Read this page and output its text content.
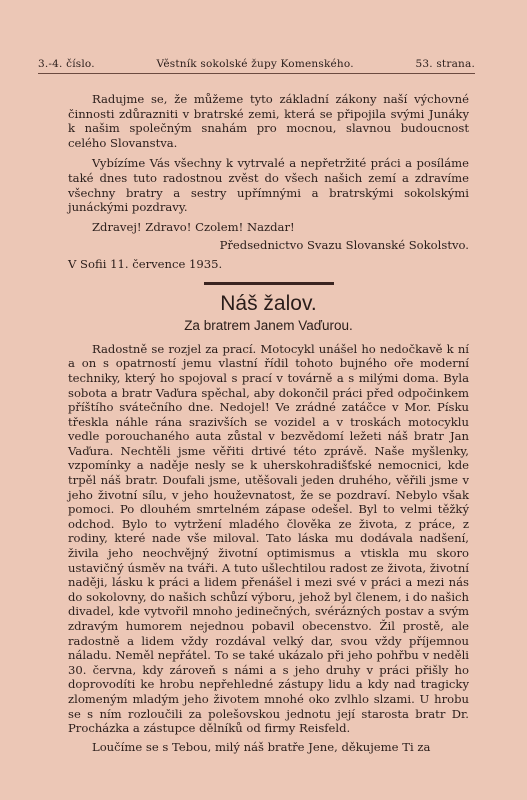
3.-4. číslo.	Věstník sokolské župy Komenského.	53. strana.

Radujme se, že můžeme tyto základní zákony naší výchovné činnosti zdůrazniti v bratrské zemi, která se připojila svými Junáky k našim společným snahám pro mocnou, slavnou budoucnost celého Slovanstva.

Vybízíme Vás všechny k vytrvalé a nepřetržité práci a posíláme také dnes tuto radostnou zvěst do všech našich zemí a zdravíme všechny bratry a sestry upřímnými a bratrskými sokolskými junáckými pozdravy.

Zdravej! Zdravo! Czolem! Nazdar!

Předsednictvo Svazu Slovanské Sokolstvo.

V Sofii 11. července 1935.

Náš žalov.
Za bratrem Janem Vaďurou.

Radostně se rozjel za prací. Motocykl unášel ho nedočkavě k ní a on s opatrností jemu vlastní řídil tohoto bujného oře moderní techniky, který ho spojoval s prací v továrně a s milými doma. Byla sobota a bratr Vaďura spěchal, aby dokončil práci před odpočinkem příštího svátečního dne. Nedojel! Ve zrádné zatáčce v Mor. Písku třeskla náhle rána srazivších se vozidel a v troskách motocyklu vedle porouchaného auta zůstal v bezvědomí ležeti náš bratr Jan Vaďura. Nechtěli jsme věřiti drtivé této zprávě. Naše myšlenky, vzpomínky a naděje nesly se k uherskohradišťské nemocnici, kde trpěl náš bratr. Doufali jsme, utěšovali jeden druhého, věřili jsme v jeho životní sílu, v jeho houževnatost, že se pozdraví. Nebylo však pomoci. Po dlouhém smrtelném zápase odešel. Byl to velmi těžký odchod. Bylo to vytržení mladého člověka ze života, z práce, z rodiny, které nade vše miloval. Tato láska mu dodávala nadšení, živila jeho neochvějný životní optimismus a vtiskla mu skoro ustavičný úsměv na tváři. A tuto ušlechtilou radost ze života, životní naději, lásku k práci a lidem přenášel i mezi své v práci a mezi nás do sokolovny, do našich schůzí výboru, jehož byl členem, i do našich divadel, kde vytvořil mnoho jedinečných, svérázných postav a svým zdravým humorem nejednou pobavil obecenstvo. Žil prostě, ale radostně a lidem vždy rozdával velký dar, svou vždy příjemnou náladu. Neměl nepřátel. To se také ukázalo při jeho pohřbu v neděli 30. června, kdy zároveň s námi a s jeho druhy v práci přišly ho doprovodíti ke hrobu nepřehledné zástupy lidu a kdy nad tragicky zlomeným mladým jeho životem mnohé oko zvlhlo slzami. U hrobu se s ním rozloučili za polešovskou jednotu její starosta bratr Dr. Procházka a zástupce dělníků od firmy Reisfeld.

Loučíme se s Tebou, milý náš bratře Jene, děkujeme Ti za
